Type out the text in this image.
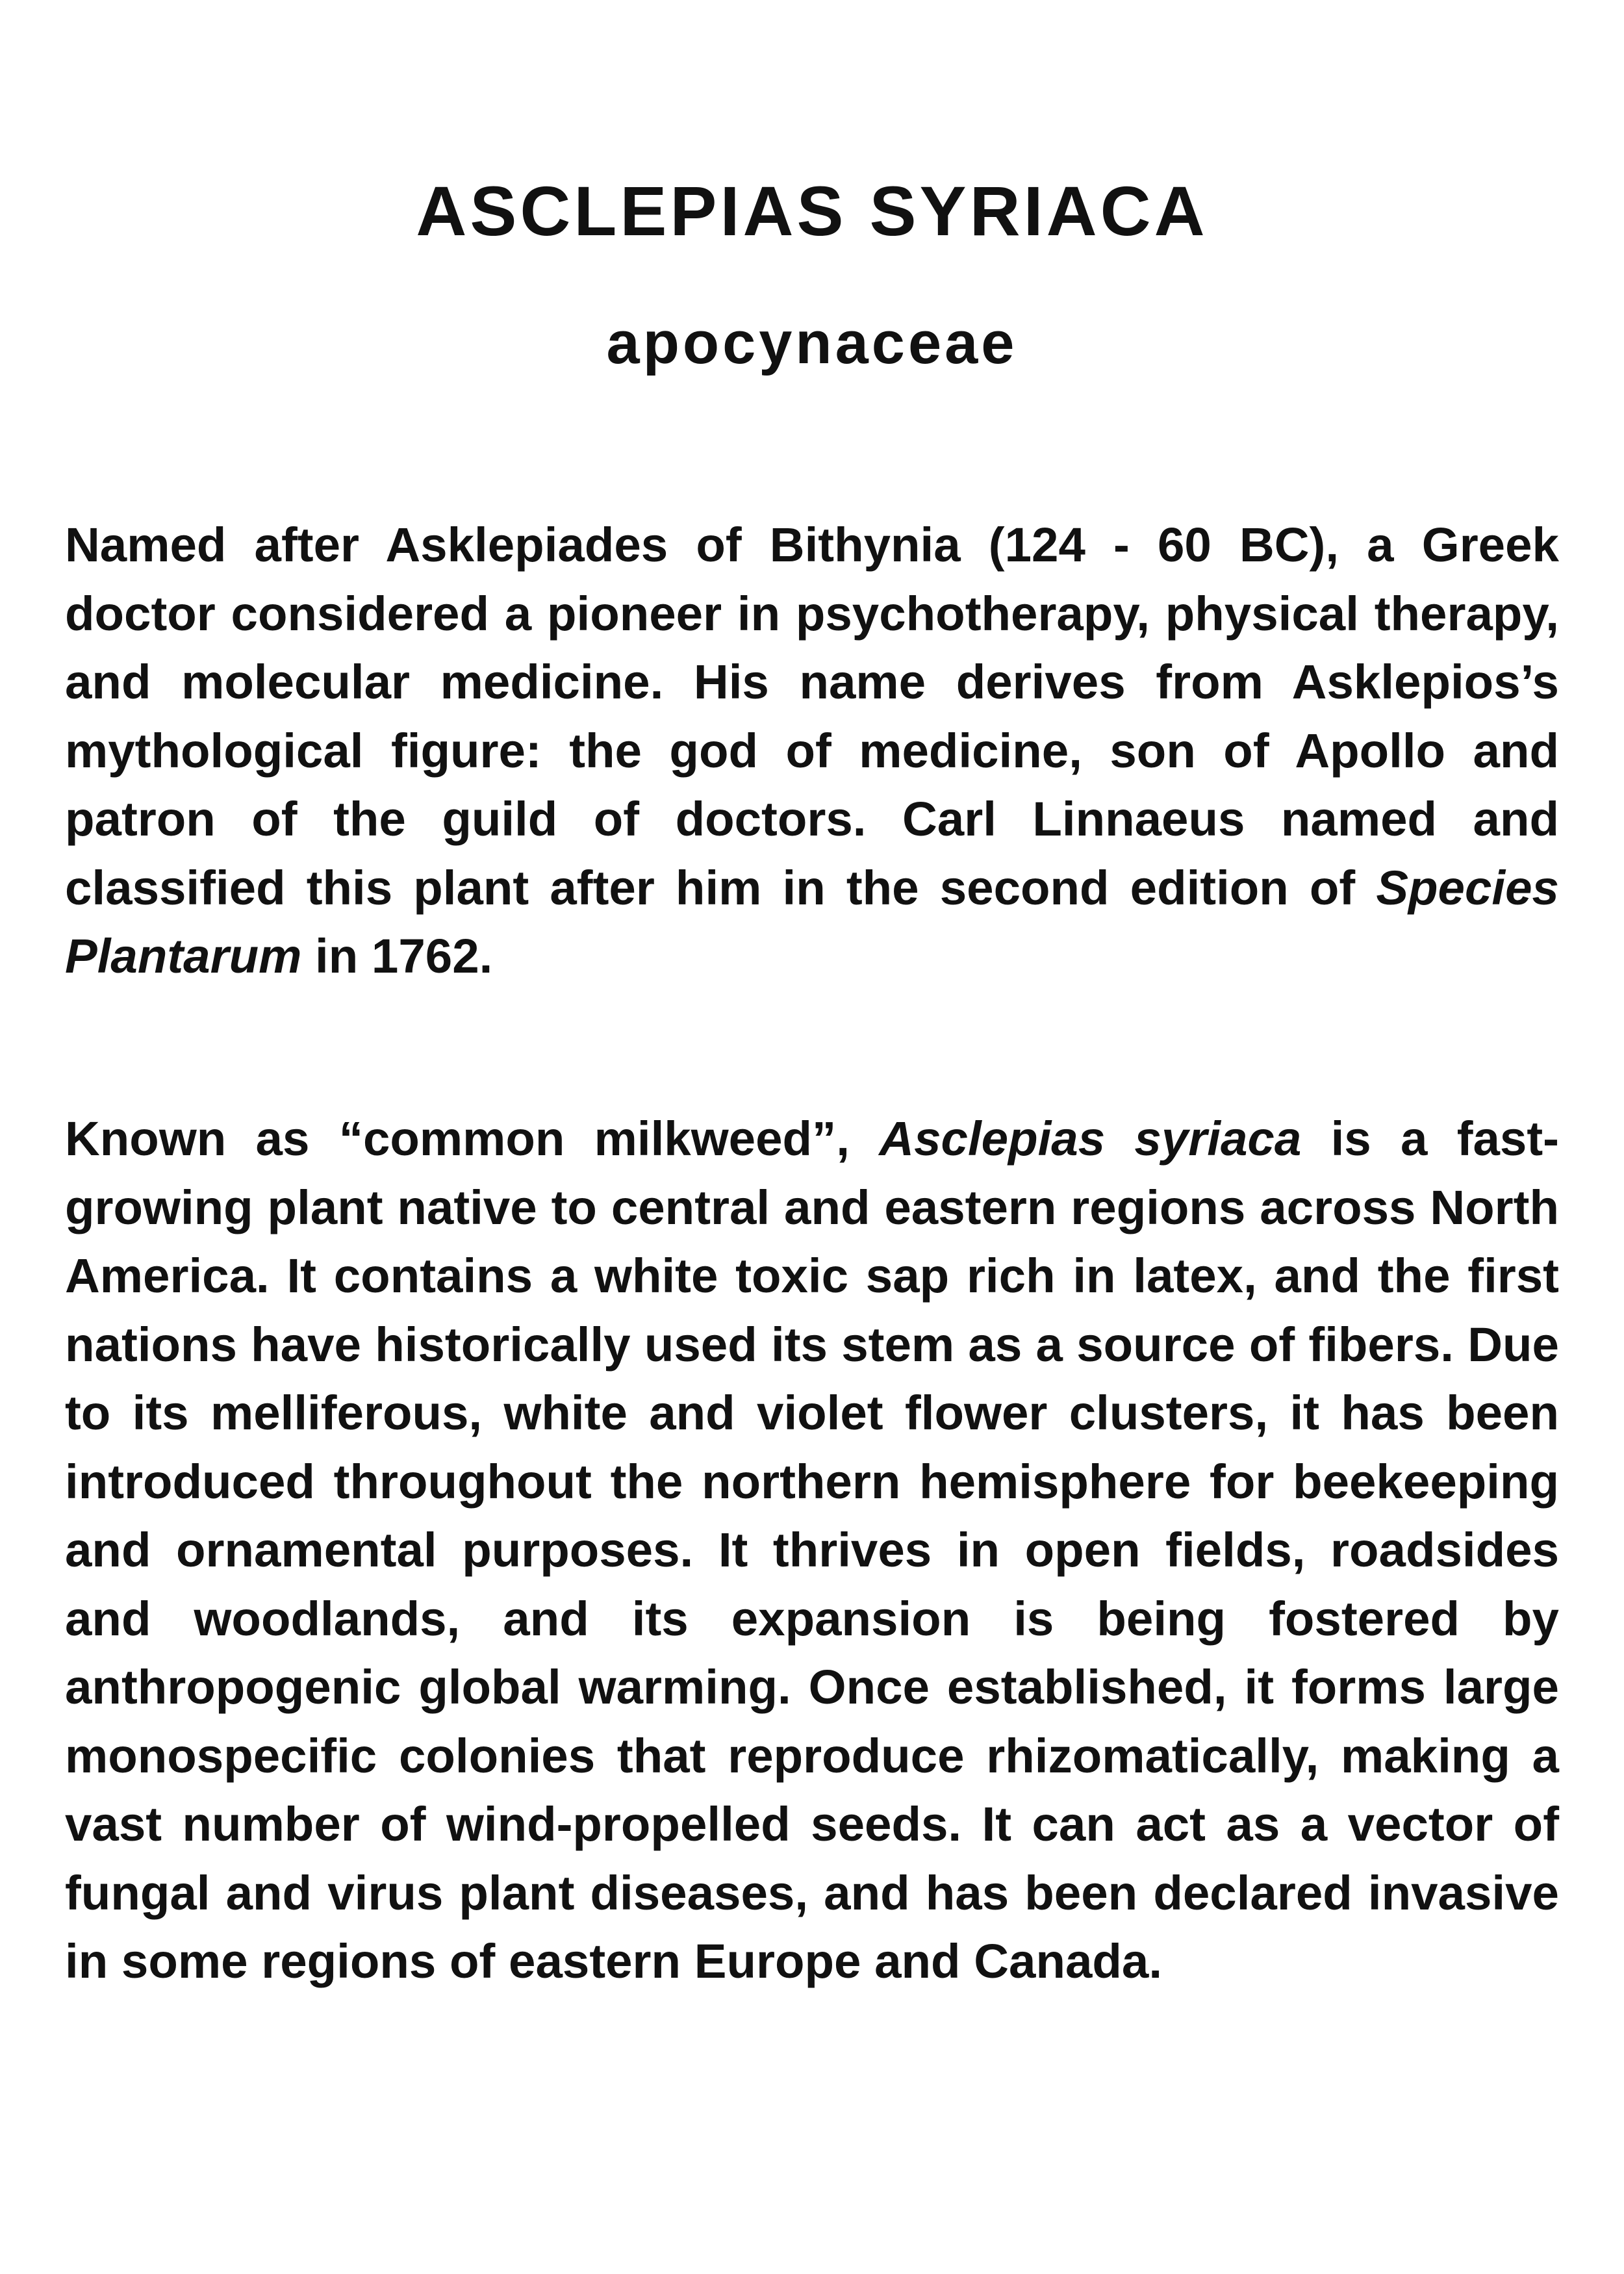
ASCLEPIAS SYRIACA
apocynaceae

Named after Asklepiades of Bithynia (124 - 60 BC), a Greek doctor considered a pioneer in psychotherapy, physical therapy, and molecular medicine. His name derives from Asklepios’s mythological figure: the god of medicine, son of Apollo and patron of the guild of doctors. Carl Linnaeus named and classified this plant after him in the second edition of Species Plantarum in 1762.

Known as “common milkweed”, Asclepias syriaca is a fast-growing plant native to central and eastern regions across North America. It contains a white toxic sap rich in latex, and the first nations have historically used its stem as a source of fibers. Due to its melliferous, white and violet flower clusters, it has been introduced throughout the northern hemisphere for beekeeping and ornamental purposes. It thrives in open fields, roadsides and woodlands, and its expansion is being fostered by anthropogenic global warming. Once established, it forms large monospecific colonies that reproduce rhizomatically, making a vast number of wind-propelled seeds. It can act as a vector of fungal and virus plant diseases, and has been declared invasive in some regions of eastern Europe and Canada.
